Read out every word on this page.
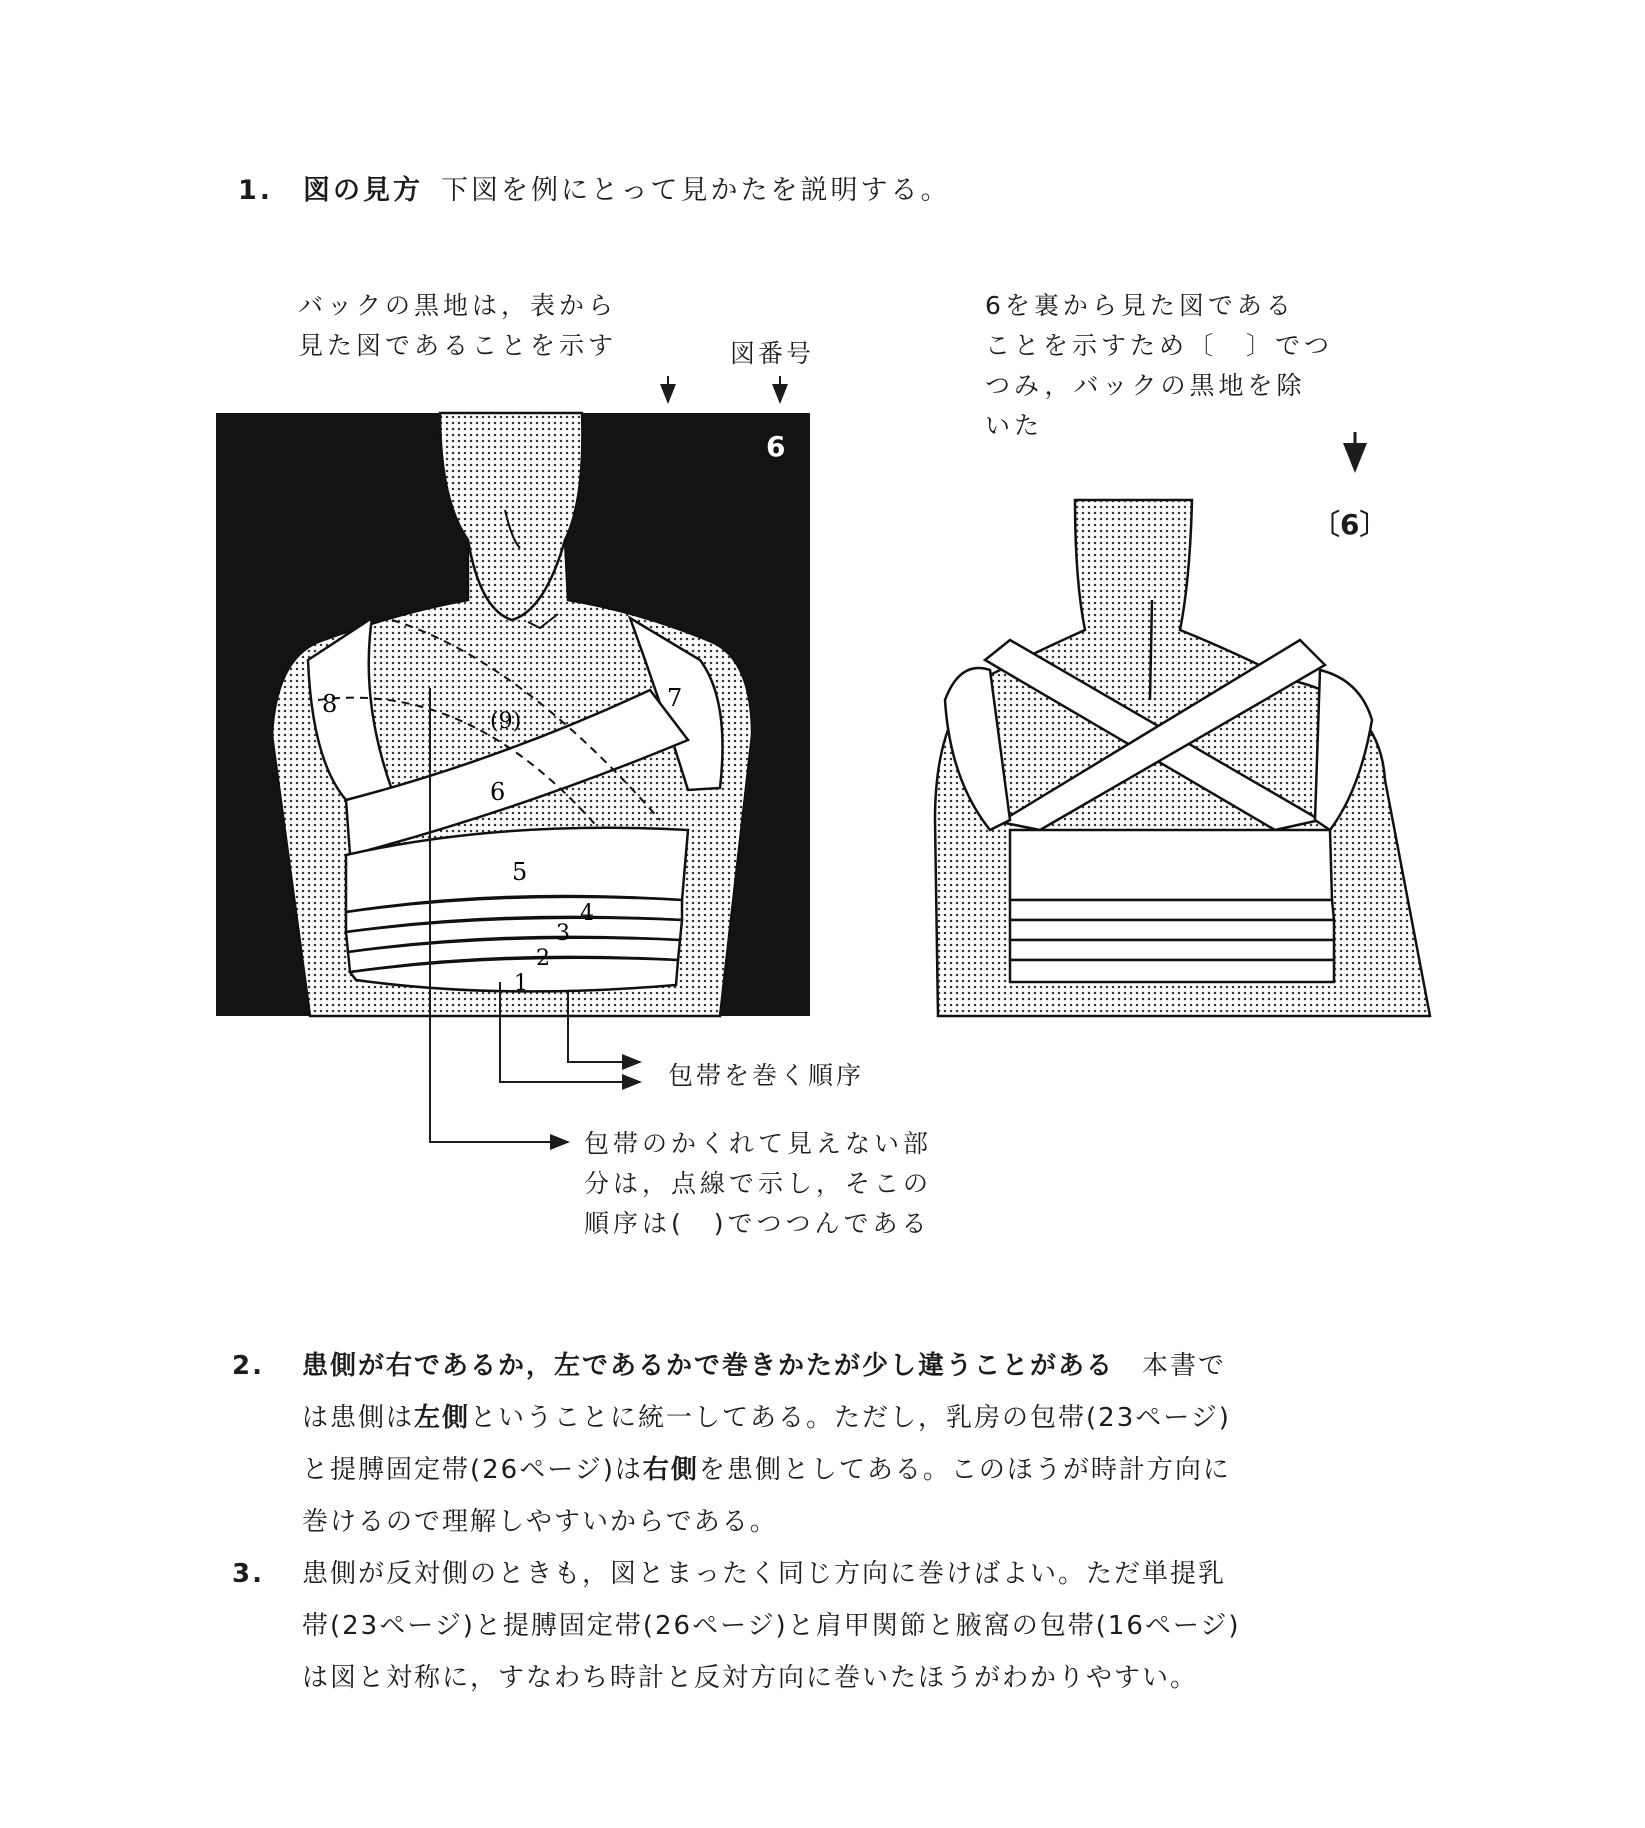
1. 図の見方 下図を例にとって見かたを説明する。
バックの黒地は，表から
見た図であることを示す	図番号
6を裏から見た図である
ことを示すため〔　〕でつ
つみ，バックの黒地を除
いた
8	7
(9)
6
5
4
3
2
1
6
〔6〕
包帯を巻く順序
包帯のかくれて見えない部
分は，点線で示し，そこの
順序は(　)でつつんである
2. 患側が右であるか，左であるかで巻きかたが少し違うことがある　 本書で
は患側は左側ということに統一してある。ただし，乳房の包帯(23ページ)
と提膊固定帯(26ページ)は右側を患側としてある。このほうが時計方向に
巻けるので理解しやすいからである。
3. 患側が反対側のときも，図とまったく同じ方向に巻けばよい。ただ単提乳
帯(23ページ)と提膊固定帯(26ページ)と肩甲関節と腋窩の包帯(16ページ)
は図と対称に，すなわち時計と反対方向に巻いたほうがわかりやすい。
